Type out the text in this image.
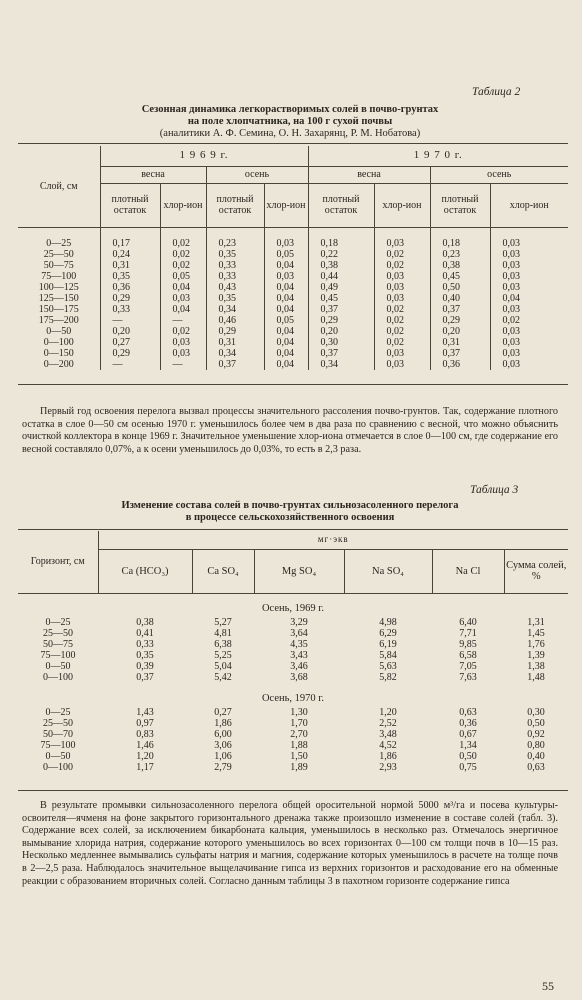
Таблица 2
Сезонная динамика легкорастворимых солей в почво-грунтах
на поле хлопчатника, на 100 г сухой почвы
(аналитики А. Ф. Семина, О. Н. Захарянц, Р. М. Нобатова)
Слой, см	1 9 6 9 г.				1 9 7 0 г.			
	весна		осень		весна		осень	
	плотный остаток	хлор-ион	плотный остаток	хлор-ион	плотный остаток	хлор-ион	плотный остаток	хлор-ион

0—25	0,17	0,02	0,23	0,03	0,18	0,03	0,18	0,03
25—50	0,24	0,02	0,35	0,05	0,22	0,02	0,23	0,03
50—75	0,31	0,02	0,33	0,04	0,38	0,02	0,38	0,03
75—100	0,35	0,05	0,33	0,03	0,44	0,03	0,45	0,03
100—125	0,36	0,04	0,43	0,04	0,49	0,03	0,50	0,03
125—150	0,29	0,03	0,35	0,04	0,45	0,03	0,40	0,04
150—175	0,33	0,04	0,34	0,04	0,37	0,02	0,37	0,03
175—200	—	—	0,46	0,05	0,29	0,02	0,29	0,02
0—50	0,20	0,02	0,29	0,04	0,20	0,02	0,20	0,03
0—100	0,27	0,03	0,31	0,04	0,30	0,02	0,31	0,03
0—150	0,29	0,03	0,34	0,04	0,37	0,03	0,37	0,03
0—200	—	—	0,37	0,04	0,34	0,03	0,36	0,03

Первый год освоения перелога вызвал процессы значительного рассоления почво-грунтов. Так, содержание плотного остатка в слое 0—50 см осенью 1970 г. уменьшилось более чем в два раза по сравнению с весной, что можно объяснить очисткой коллектора в конце 1969 г. Значительное уменьшение хлор-иона отмечается в слое 0—100 см, где содержание его весной составляло 0,07%, а к осени уменьшилось до 0,03%, то есть в 2,3 раза.

Таблица 3
Изменение состава солей в почво-грунтах сильнозасоленного перелога
в процессе сельскохозяйственного освоения
Горизонт, см	мг·экв					
	Ca (HCO₃)	Ca SO₄	Mg SO₄	Na SO₄	Na Cl	Сумма солей, %

Осень, 1969 г.						
0—25	0,38	5,27	3,29	4,98	6,40	1,31
25—50	0,41	4,81	3,64	6,29	7,71	1,45
50—75	0,33	6,38	4,35	6,19	9,85	1,76
75—100	0,35	5,25	3,43	5,84	6,58	1,39
0—50	0,39	5,04	3,46	5,63	7,05	1,38
0—100	0,37	5,42	3,68	5,82	7,63	1,48

Осень, 1970 г.						
0—25	1,43	0,27	1,30	1,20	0,63	0,30
25—50	0,97	1,86	1,70	2,52	0,36	0,50
50—70	0,83	6,00	2,70	3,48	0,67	0,92
75—100	1,46	3,06	1,88	4,52	1,34	0,80
0—50	1,20	1,06	1,50	1,86	0,50	0,40
0—100	1,17	2,79	1,89	2,93	0,75	0,63

В результате промывки сильнозасоленного перелога общей оросительной нормой 5000 м³/га и посева культуры-освоителя—ячменя на фоне закрытого горизонтального дренажа также произошло изменение в составе солей (табл. 3). Содержание всех солей, за исключением бикарбоната кальция, уменьшилось в несколько раз. Отмечалось энергичное вымывание хлорида натрия, содержание которого уменьшилось во всех горизонтах 0—100 см толщи почв в 10—15 раз. Несколько медленнее вымывались сульфаты натрия и магния, содержание которых уменьшилось в расчете на толще почв в 2—2,5 раза. Наблюдалось значительное выщелачивание гипса из верхних горизонтов и расходование его на обменные реакции с образованием вторичных солей. Согласно данным таблицы 3 в пахотном горизонте содержание гипса

55
